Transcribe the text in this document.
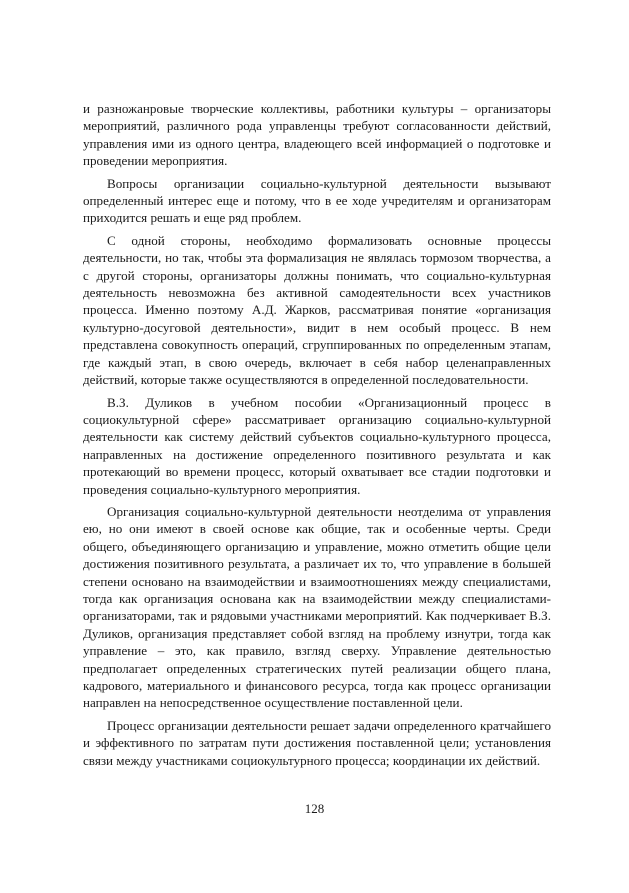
и разножанровые творческие коллективы, работники культуры – организаторы мероприятий, различного рода управленцы требуют согласованности действий, управления ими из одного центра, владеющего всей информацией о подготовке и проведении мероприятия.

Вопросы организации социально-культурной деятельности вызывают определенный интерес еще и потому, что в ее ходе учредителям и организаторам приходится решать и еще ряд проблем.

С одной стороны, необходимо формализовать основные процессы деятельности, но так, чтобы эта формализация не являлась тормозом творчества, а с другой стороны, организаторы должны понимать, что социально-культурная деятельность невозможна без активной самодеятельности всех участников процесса. Именно поэтому А.Д. Жарков, рассматривая понятие «организация культурно-досуговой деятельности», видит в нем особый процесс. В нем представлена совокупность операций, сгруппированных по определенным этапам, где каждый этап, в свою очередь, включает в себя набор целенаправленных действий, которые также осуществляются в определенной последовательности.

В.З. Дуликов в учебном пособии «Организационный процесс в социокультурной сфере» рассматривает организацию социально-культурной деятельности как систему действий субъектов социально-культурного процесса, направленных на достижение определенного позитивного результата и как протекающий во времени процесс, который охватывает все стадии подготовки и проведения социально-культурного мероприятия.

Организация социально-культурной деятельности неотделима от управления ею, но они имеют в своей основе как общие, так и особенные черты. Среди общего, объединяющего организацию и управление, можно отметить общие цели достижения позитивного результата, а различает их то, что управление в большей степени основано на взаимодействии и взаимоотношениях между специалистами, тогда как организация основана как на взаимодействии между специалистами-организаторами, так и рядовыми участниками мероприятий. Как подчеркивает В.З. Дуликов, организация представляет собой взгляд на проблему изнутри, тогда как управление – это, как правило, взгляд сверху. Управление деятельностью предполагает определенных стратегических путей реализации общего плана, кадрового, материального и финансового ресурса, тогда как процесс организации направлен на непосредственное осуществление поставленной цели.

Процесс организации деятельности решает задачи определенного кратчайшего и эффективного по затратам пути достижения поставленной цели; установления связи между участниками социокультурного процесса; координации их действий.

128
